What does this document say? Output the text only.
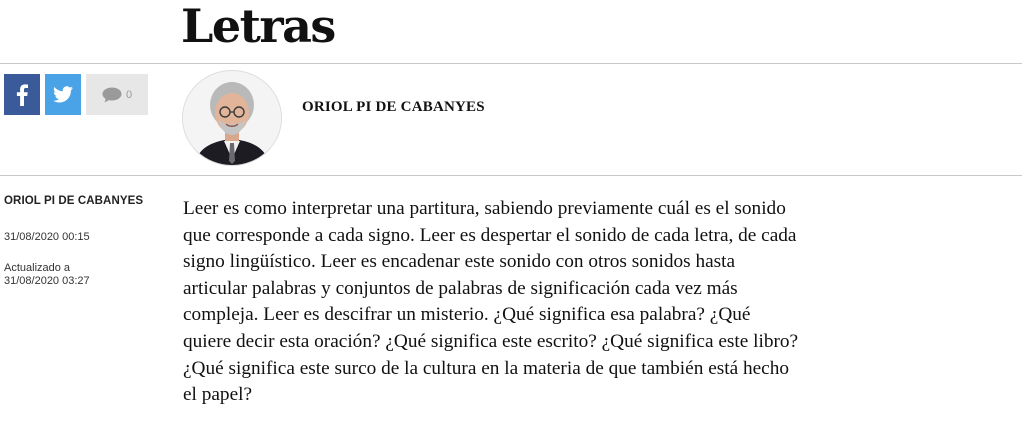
Letras
0
ORIOL PI DE CABANYES
ORIOL PI DE CABANYES
31/08/2020 00:15
Actualizado a
31/08/2020 03:27

Leer es como interpretar una partitura, sabiendo previamente cuál es el sonido que corresponde a cada signo. Leer es despertar el sonido de cada letra, de cada signo lingüístico. Leer es encadenar este sonido con otros sonidos hasta articular palabras y conjuntos de palabras de significación cada vez más compleja. Leer es descifrar un misterio. ¿Qué significa esa palabra? ¿Qué quiere decir esta oración? ¿Qué significa este escrito? ¿Qué significa este libro? ¿Qué significa este surco de la cultura en la materia de que también está hecho el papel?
